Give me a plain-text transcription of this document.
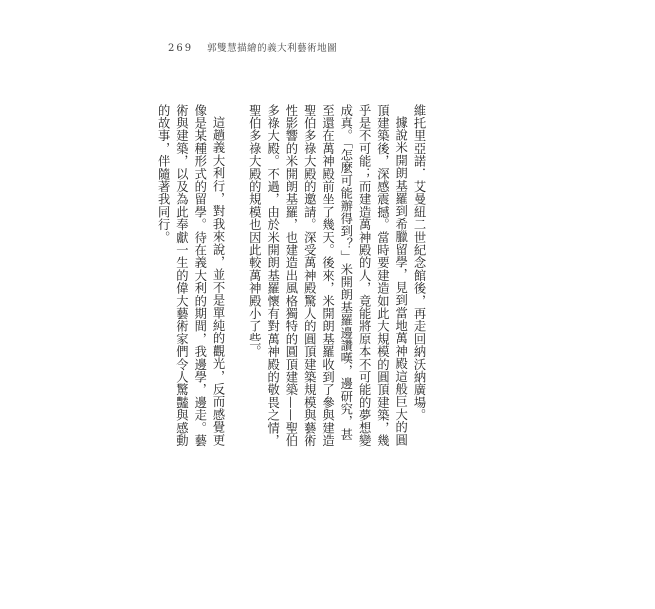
269 郭雙慧描繪的義大利藝術地圖

維托里亞諾．艾曼紐二世紀念館後，再走回納沃納廣場。

據說米開朗基羅到希臘留學，見到當地萬神殿這般巨大的圓頂建築後，深感震撼。當時要建造如此大規模的圓頂建築，幾乎是不可能；而建造萬神殿的人，竟能將原本不可能的夢想變成真。「怎麼可能辦得到？」米開朗基羅邊讚嘆，邊研究，甚至還在萬神殿前坐了幾天。後來，米開朗基羅收到了參與建造聖伯多祿大殿的邀請。深受萬神殿驚人的圓頂建築規模與藝術性影響的米開朗基羅，也建造出風格獨特的圓頂建築——聖伯多祿大殿。不過，由於米開朗基羅懷有對萬神殿的敬畏之情，聖伯多祿大殿的規模也因此較萬神殿小了些。

這趟義大利行，對我來說，並不是單純的觀光，反而感覺更像是某種形式的留學。待在義大利的期間，我邊學，邊走。藝術與建築，以及為此奉獻一生的偉大藝術家們令人驚豔與感動的故事，伴隨著我同行。
